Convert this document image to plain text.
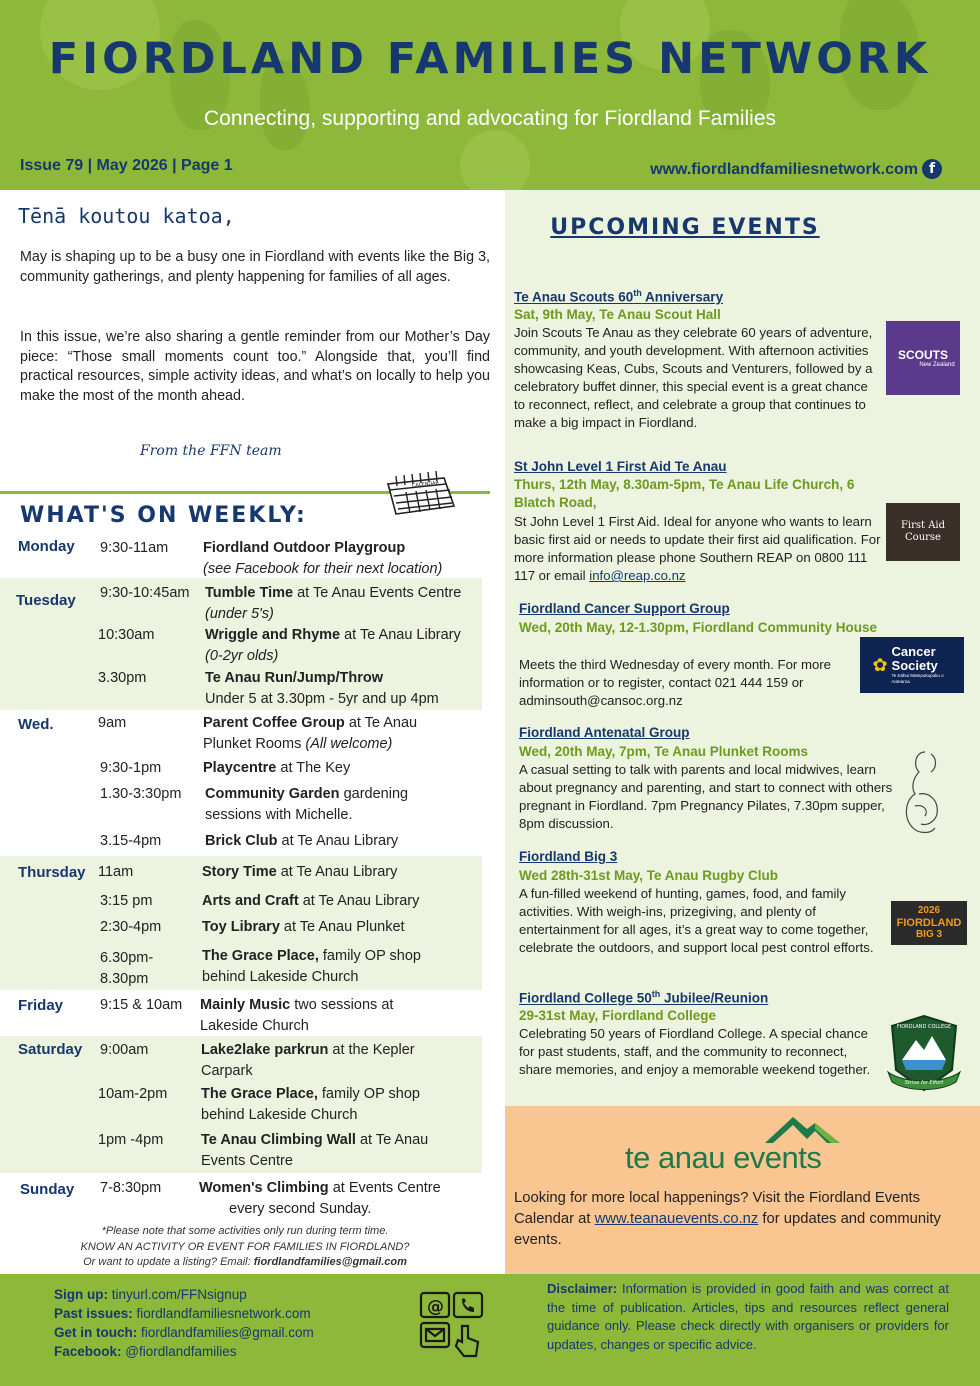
FIORDLAND FAMILIES NETWORK
Connecting, supporting and advocating for Fiordland Families
Issue 79 | May 2026 | Page 1	www.fiordlandfamiliesnetwork.com f
Tēnā koutou katoa,

May is shaping up to be a busy one in Fiordland with events like the Big 3, community gatherings, and plenty happening for families of all ages.

In this issue, we’re also sharing a gentle reminder from our Mother’s Day piece: “Those small moments count too.” Alongside that, you’ll find practical resources, simple activity ideas, and what’s on locally to help you make the most of the month ahead.

From the FFN team
WHAT'S ON WEEKLY:
CALENDAR
Monday 9:30-11am Fiordland Outdoor Playgroup
(see Facebook for their next location)
Tuesday 9:30-10:45am Tumble Time at Te Anau Events Centre (under 5's)
10:30am	Wriggle and Rhyme at Te Anau Library (0-2yr olds)
3.30pm	Te Anau Run/Jump/Throw
Under 5 at 3.30pm - 5yr and up 4pm
Wed.	9am	Parent Coffee Group at Te Anau Plunket Rooms (All welcome)
9:30-1pm	Playcentre at The Key
1.30-3:30pm Community Garden gardening sessions with Michelle.
3.15-4pm	Brick Club at Te Anau Library
Thursday 11am	Story Time at Te Anau Library
3:15 pm	Arts and Craft at Te Anau Library
2:30-4pm	Toy Library at Te Anau Plunket
6.30pm-
8.30pm
The Grace Place, family OP shop behind Lakeside Church
Friday	9:15 & 10am Mainly Music two sessions at Lakeside Church
Saturday 9:00am	Lake2lake parkrun at the Kepler Carpark
10am-2pm The Grace Place, family OP shop behind Lakeside Church
1pm -4pm	Te Anau Climbing Wall at Te Anau Events Centre
Sunday 7-8:30pm	Women's Climbing at Events Centre
every second Sunday.
*Please note that some activities only run during term time.
KNOW AN ACTIVITY OR EVENT FOR FAMILIES IN FIORDLAND?
Or want to update a listing? Email: fiordlandfamilies@gmail.com
UPCOMING EVENTS
Te Anau Scouts 60th Anniversary
Sat, 9th May, Te Anau Scout Hall
Join Scouts Te Anau as they celebrate 60 years of adventure, community, and youth development. With afternoon activities showcasing Keas, Cubs, Scouts and Venturers, followed by a celebratory buffet dinner, this special event is a great chance to reconnect, reflect, and celebrate a group that continues to make a big impact in Fiordland.
SCOUTS
New Zealand
St John Level 1 First Aid Te Anau
Thurs, 12th May, 8.30am-5pm, Te Anau Life Church, 6 Blatch Road,
St John Level 1 First Aid. Ideal for anyone who wants to learn basic first aid or needs to update their first aid qualification. For more information please phone Southern REAP on 0800 111 117 or email info@reap.co.nz
First Aid Course
Fiordland Cancer Support Group
Wed, 20th May, 12-1.30pm, Fiordland Community House
Meets the third Wednesday of every month. For more information or to register, contact 021 444 159 or adminsouth@cansoc.org.nz
✿
Cancer Society
Te Kāhui Matepukupuku o Aotearoa
Fiordland Antenatal Group
Wed, 20th May, 7pm, Te Anau Plunket Rooms
A casual setting to talk with parents and local midwives, learn about pregnancy and parenting, and start to connect with others pregnant in Fiordland. 7pm Pregnancy Pilates, 7.30pm supper, 8pm discussion.
Fiordland Big 3
Wed 28th-31st May, Te Anau Rugby Club
A fun-filled weekend of hunting, games, food, and family activities. With weigh-ins, prizegiving, and plenty of entertainment for all ages, it’s a great way to come together, celebrate the outdoors, and support local pest control efforts.
2026
FIORDLAND
BIG 3
Fiordland College 50th Jubilee/Reunion
29-31st May, Fiordland College
Celebrating 50 years of Fiordland College. A special chance for past students, staff, and the community to reconnect, share memories, and enjoy a memorable weekend together.
FIORDLAND COLLEGE
Strive for Effort
te anau events
Looking for more local happenings? Visit the Fiordland Events Calendar at www.teanauevents.co.nz for updates and community events.
Sign up: tinyurl.com/FFNsignup
Past issues: fiordlandfamiliesnetwork.com
Get in touch: fiordlandfamilies@gmail.com
Facebook: @fiordlandfamilies
@
Disclaimer: Information is provided in good faith and was correct at the time of publication. Articles, tips and resources reflect general guidance only. Please check directly with organisers or providers for updates, changes or specific advice.
